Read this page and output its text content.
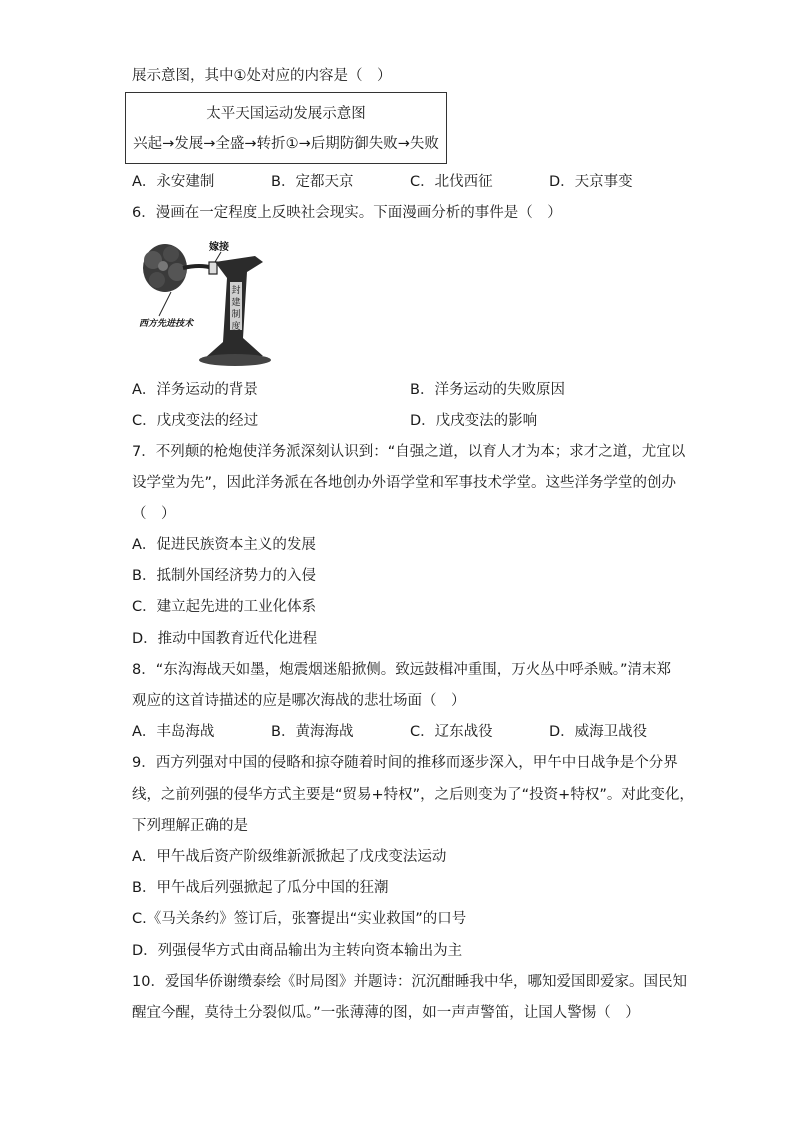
展示意图，其中①处对应的内容是（　）
太平天国运动发展示意图
兴起→发展→全盛→转折①→后期防御失败→失败
A．永安建制	B．定都天京	C．北伐西征	D．天京事变
6．漫画在一定程度上反映社会现实。下面漫画分析的事件是（　）
封
建
制
度
嫁接
西方先进技术
A．洋务运动的背景	B．洋务运动的失败原因
C．戊戌变法的经过	D．戊戌变法的影响
7．不列颠的枪炮使洋务派深刻认识到：“自强之道，以育人才为本；求才之道，尤宜以
设学堂为先”，因此洋务派在各地创办外语学堂和军事技术学堂。这些洋务学堂的创办
（　）
A．促进民族资本主义的发展
B．抵制外国经济势力的入侵
C．建立起先进的工业化体系
D．推动中国教育近代化进程
8．“东沟海战天如墨，炮震烟迷船掀侧。致远鼓楫冲重围，万火丛中呼杀贼。”清末郑
观应的这首诗描述的应是哪次海战的悲壮场面（　）
A．丰岛海战	B．黄海海战	C．辽东战役	D．威海卫战役
9．西方列强对中国的侵略和掠夺随着时间的推移而逐步深入，甲午中日战争是个分界
线，之前列强的侵华方式主要是“贸易+特权”，之后则变为了“投资+特权”。对此变化，
下列理解正确的是
A．甲午战后资产阶级维新派掀起了戊戌变法运动
B．甲午战后列强掀起了瓜分中国的狂潮
C.《马关条约》签订后，张謇提出“实业救国”的口号
D．列强侵华方式由商品输出为主转向资本输出为主
10．爱国华侨谢缵泰绘《时局图》并题诗：沉沉酣睡我中华，哪知爱国即爱家。国民知
醒宜今醒，莫待土分裂似瓜。”一张薄薄的图，如一声声警笛，让国人警惕（　）
